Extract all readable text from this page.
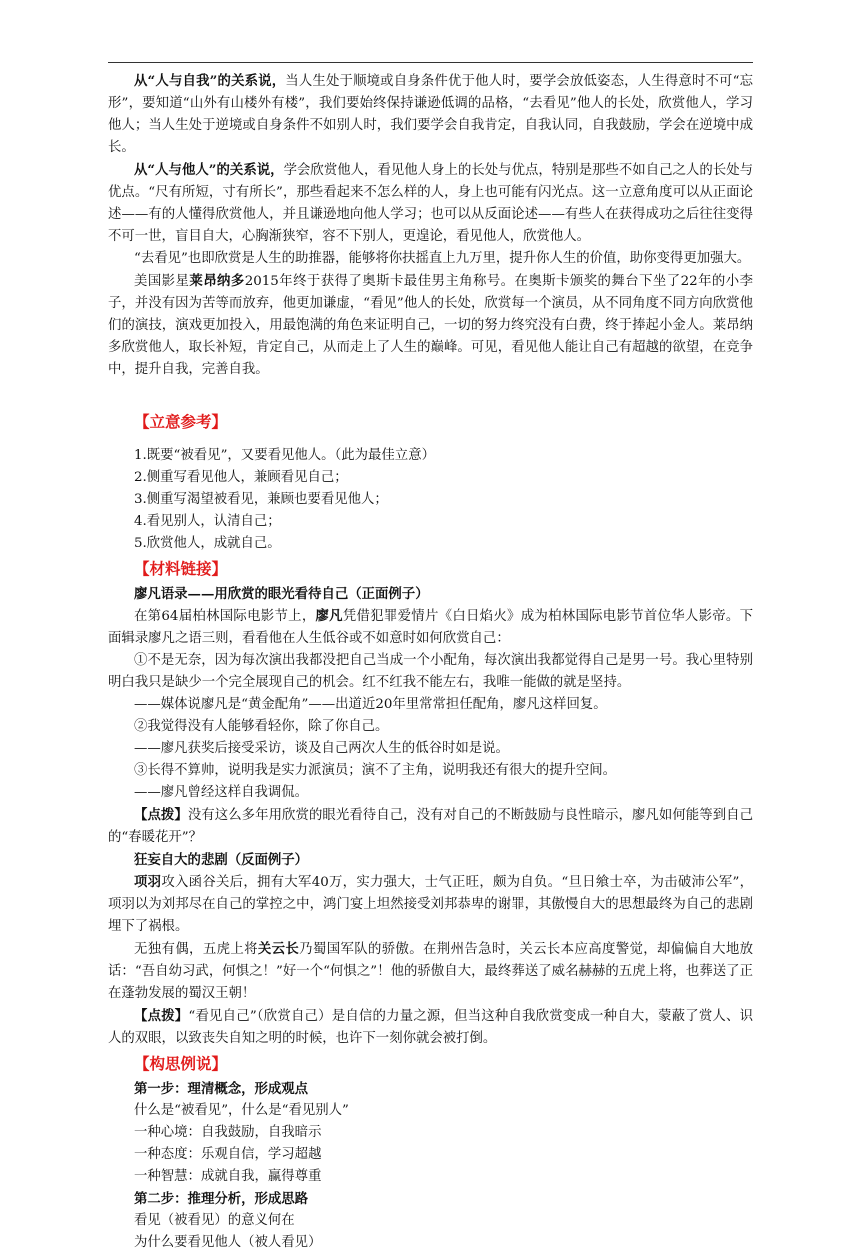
从“人与自我”的关系说，当人生处于顺境或自身条件优于他人时，要学会放低姿态，人生得意时不可“忘形”，要知道“山外有山楼外有楼”，我们要始终保持谦逊低调的品格，“去看见”他人的长处，欣赏他人，学习他人；当人生处于逆境或自身条件不如别人时，我们要学会自我肯定，自我认同，自我鼓励，学会在逆境中成长。

从“人与他人”的关系说，学会欣赏他人，看见他人身上的长处与优点，特别是那些不如自己之人的长处与优点。“尺有所短，寸有所长”，那些看起来不怎么样的人，身上也可能有闪光点。这一立意角度可以从正面论述——有的人懂得欣赏他人，并且谦逊地向他人学习；也可以从反面论述——有些人在获得成功之后往往变得不可一世，盲目自大，心胸渐狭窄，容不下别人，更遑论，看见他人，欣赏他人。

“去看见”也即欣赏是人生的助推器，能够将你扶摇直上九万里，提升你人生的价值，助你变得更加强大。

美国影星莱昂纳多2015年终于获得了奥斯卡最佳男主角称号。在奥斯卡颁奖的舞台下坐了22年的小李子，并没有因为苦等而放弃，他更加谦虚，“看见”他人的长处，欣赏每一个演员，从不同角度不同方向欣赏他们的演技，演戏更加投入，用最饱满的角色来证明自己，一切的努力终究没有白费，终于捧起小金人。莱昂纳多欣赏他人，取长补短，肯定自己，从而走上了人生的巅峰。可见，看见他人能让自己有超越的欲望，在竞争中，提升自我，完善自我。

【立意参考】

1.既要“被看见”，又要看见他人。（此为最佳立意）

2.侧重写看见他人，兼顾看见自己；

3.侧重写渴望被看见，兼顾也要看见他人；

4.看见别人，认清自己；

5.欣赏他人，成就自己。

【材料链接】

廖凡语录——用欣赏的眼光看待自己（正面例子）

在第64届柏林国际电影节上，廖凡凭借犯罪爱情片《白日焰火》成为柏林国际电影节首位华人影帝。下面辑录廖凡之语三则，看看他在人生低谷或不如意时如何欣赏自己：

①不是无奈，因为每次演出我都没把自己当成一个小配角，每次演出我都觉得自己是男一号。我心里特别明白我只是缺少一个完全展现自己的机会。红不红我不能左右，我唯一能做的就是坚持。

——媒体说廖凡是“黄金配角”——出道近20年里常常担任配角，廖凡这样回复。

②我觉得没有人能够看轻你，除了你自己。

——廖凡获奖后接受采访，谈及自己两次人生的低谷时如是说。

③长得不算帅，说明我是实力派演员；演不了主角，说明我还有很大的提升空间。

——廖凡曾经这样自我调侃。

【点拨】没有这么多年用欣赏的眼光看待自己，没有对自己的不断鼓励与良性暗示，廖凡如何能等到自己的“春暖花开”？

狂妄自大的悲剧（反面例子）

项羽攻入函谷关后，拥有大军40万，实力强大，士气正旺，颇为自负。“旦日飨士卒，为击破沛公军”，项羽以为刘邦尽在自己的掌控之中，鸿门宴上坦然接受刘邦恭卑的谢罪，其傲慢自大的思想最终为自己的悲剧埋下了祸根。

无独有偶，五虎上将关云长乃蜀国军队的骄傲。在荆州告急时，关云长本应高度警觉，却偏偏自大地放话：“吾自幼习武，何惧之！”好一个“何惧之”！他的骄傲自大，最终葬送了威名赫赫的五虎上将，也葬送了正在蓬勃发展的蜀汉王朝！

【点拨】“看见自己”（欣赏自己）是自信的力量之源，但当这种自我欣赏变成一种自大，蒙蔽了赏人、识人的双眼，以致丧失自知之明的时候，也许下一刻你就会被打倒。

【构思例说】

第一步：理清概念，形成观点

什么是“被看见”，什么是“看见别人”

一种心境：自我鼓励，自我暗示

一种态度：乐观自信，学习超越

一种智慧：成就自我，赢得尊重

第二步：推理分析，形成思路

看见（被看见）的意义何在

为什么要看见他人（被人看见）
